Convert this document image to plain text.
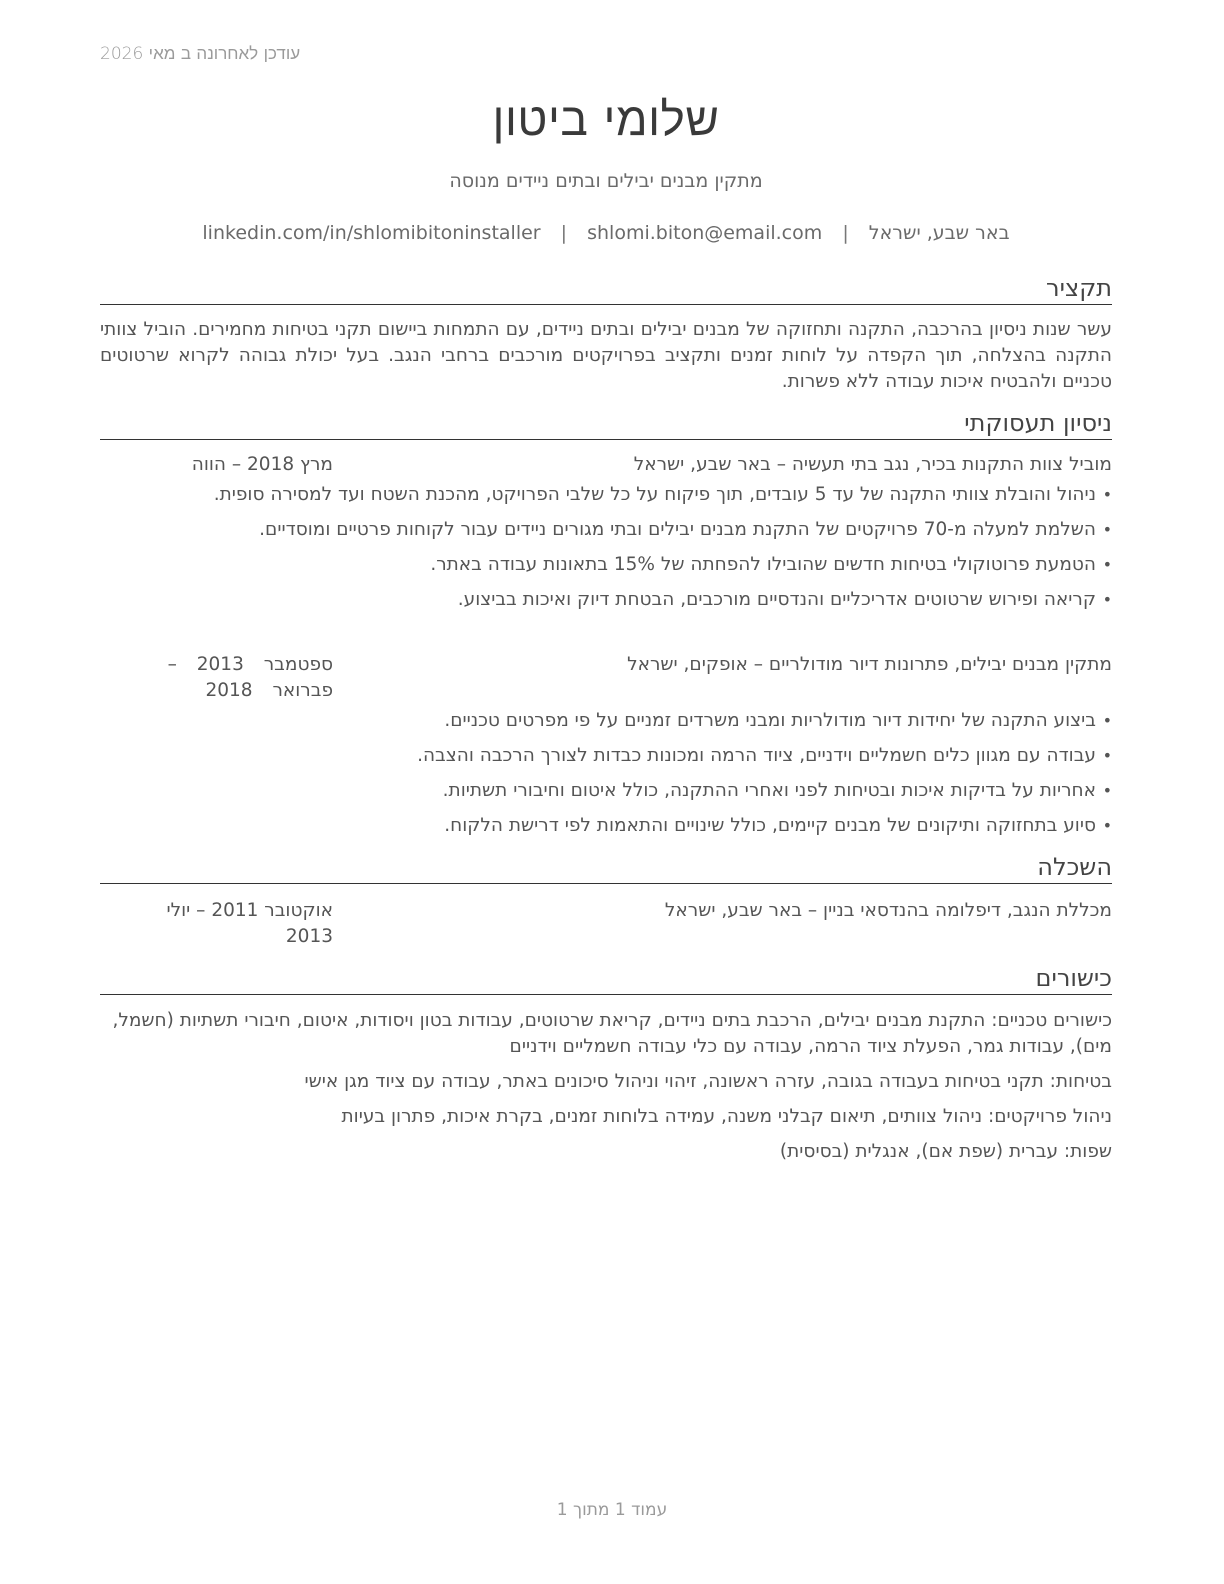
עודכן לאחרונה ב מאי 2026
שלומי ביטון
מתקין מבנים יבילים ובתים ניידים מנוסה
באר שבע, ישראל | shlomi.biton@email.com | linkedin.com/in/shlomibitoninstaller
תקציר
עשר שנות ניסיון בהרכבה, התקנה ותחזוקה של מבנים יבילים ובתים ניידים, עם התמחות ביישום תקני בטיחות מחמירים. הוביל צוותי התקנה בהצלחה, תוך הקפדה על לוחות זמנים ותקציב בפרויקטים מורכבים ברחבי הנגב. בעל יכולת גבוהה לקרוא שרטוטים טכניים ולהבטיח איכות עבודה ללא פשרות.
ניסיון תעסוקתי
מוביל צוות התקנות בכיר, נגב בתי תעשיה – באר שבע, ישראל
מרץ 2018 – הווה
•
ניהול והובלת צוותי התקנה של עד 5 עובדים, תוך פיקוח על כל שלבי הפרויקט, מהכנת השטח ועד למסירה סופית.
•
השלמת למעלה מ-70 פרויקטים של התקנת מבנים יבילים ובתי מגורים ניידים עבור לקוחות פרטיים ומוסדיים.
•
הטמעת פרוטוקולי בטיחות חדשים שהובילו להפחתה של 15% בתאונות עבודה באתר.
•
קריאה ופירוש שרטוטים אדריכליים והנדסיים מורכבים, הבטחת דיוק ואיכות בביצוע.
מתקין מבנים יבילים, פתרונות דיור מודולריים – אופקים, ישראל
ספטמבר 2013 – פברואר 2018
•
ביצוע התקנה של יחידות דיור מודולריות ומבני משרדים זמניים על פי מפרטים טכניים.
•
עבודה עם מגוון כלים חשמליים וידניים, ציוד הרמה ומכונות כבדות לצורך הרכבה והצבה.
•
אחריות על בדיקות איכות ובטיחות לפני ואחרי ההתקנה, כולל איטום וחיבורי תשתיות.
•
סיוע בתחזוקה ותיקונים של מבנים קיימים, כולל שינויים והתאמות לפי דרישת הלקוח.
השכלה
מכללת הנגב, דיפלומה בהנדסאי בניין – באר שבע, ישראל
אוקטובר 2011 – יולי 2013
כישורים
כישורים טכניים: התקנת מבנים יבילים, הרכבת בתים ניידים, קריאת שרטוטים, עבודות בטון ויסודות, איטום, חיבורי תשתיות (חשמל, מים), עבודות גמר, הפעלת ציוד הרמה, עבודה עם כלי עבודה חשמליים וידניים
בטיחות: תקני בטיחות בעבודה בגובה, עזרה ראשונה, זיהוי וניהול סיכונים באתר, עבודה עם ציוד מגן אישי
ניהול פרויקטים: ניהול צוותים, תיאום קבלני משנה, עמידה בלוחות זמנים, בקרת איכות, פתרון בעיות
שפות: עברית (שפת אם), אנגלית (בסיסית)
עמוד 1 מתוך 1
